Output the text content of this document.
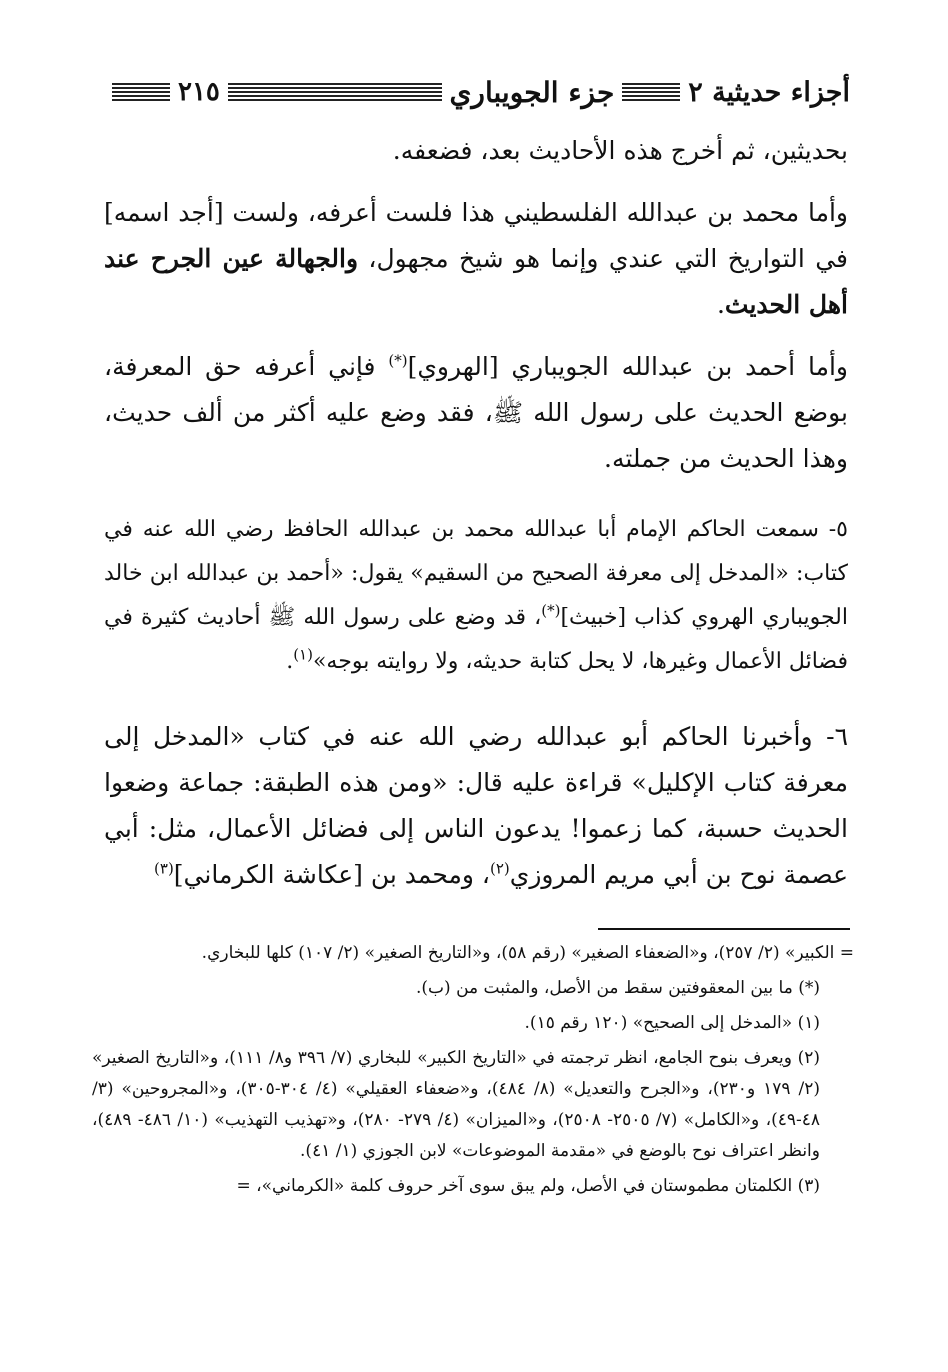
أجزاء حديثية ٢
جزء الجويباري
٢١٥

بحديثين، ثم أخرج هذه الأحاديث بعد، فضعفه.

وأما محمد بن عبدالله الفلسطيني هذا فلست أعرفه، ولست [أجد اسمه] في التواريخ التي عندي وإنما هو شيخ مجهول، والجهالة عين الجرح عند أهل الحديث.

وأما أحمد بن عبدالله الجويباري [الهروي](*) فإني أعرفه حق المعرفة، بوضع الحديث على رسول الله ﷺ، فقد وضع عليه أكثر من ألف حديث، وهذا الحديث من جملته.

٥- سمعت الحاكم الإمام أبا عبدالله محمد بن عبدالله الحافظ رضي الله عنه في كتاب: «المدخل إلى معرفة الصحيح من السقيم» يقول: «أحمد بن عبدالله ابن خالد الجويباري الهروي كذاب [خبيث](*)، قد وضع على رسول الله ﷺ أحاديث كثيرة في فضائل الأعمال وغيرها، لا يحل كتابة حديثه، ولا روايته بوجه»$^{(١)}$.

٦- وأخبرنا الحاكم أبو عبدالله رضي الله عنه في كتاب «المدخل إلى معرفة كتاب الإكليل» قراءة عليه قال: «ومن هذه الطبقة: جماعة وضعوا الحديث حسبة، كما زعموا! يدعون الناس إلى فضائل الأعمال، مثل: أبي عصمة نوح بن أبي مريم المروزي$^{(٢)}$، ومحمد بن [عكاشة الكرماني]$^{(٣)}$

= الكبير» (٢/ ٢٥٧)، و«الضعفاء الصغير» (رقم ٥٨)، و«التاريخ الصغير» (٢/ ١٠٧) كلها للبخاري.

(*) ما بين المعقوفتين سقط من الأصل، والمثبت من (ب).

(١) «المدخل إلى الصحيح» (١٢٠ رقم ١٥).

(٢) ويعرف بنوح الجامع، انظر ترجمته في «التاريخ الكبير» للبخاري (٧/ ٣٩٦ و٨/ ١١١)، و«التاريخ الصغير» (٢/ ١٧٩ و٢٣٠)، و«الجرح والتعديل» (٨/ ٤٨٤)، و«ضعفاء العقيلي» (٤/ ٣٠٤-٣٠٥)، و«المجروحين» (٣/ ٤٨-٤٩)، و«الكامل» (٧/ ٢٥٠٥- ٢٥٠٨)، و«الميزان» (٤/ ٢٧٩- ٢٨٠)، و«تهذيب التهذيب» (١٠/ ٤٨٦- ٤٨٩)، وانظر اعتراف نوح بالوضع في «مقدمة الموضوعات» لابن الجوزي (١/ ٤١).

(٣) الكلمتان مطموستان في الأصل، ولم يبق سوى آخر حروف كلمة «الكرماني»، =
